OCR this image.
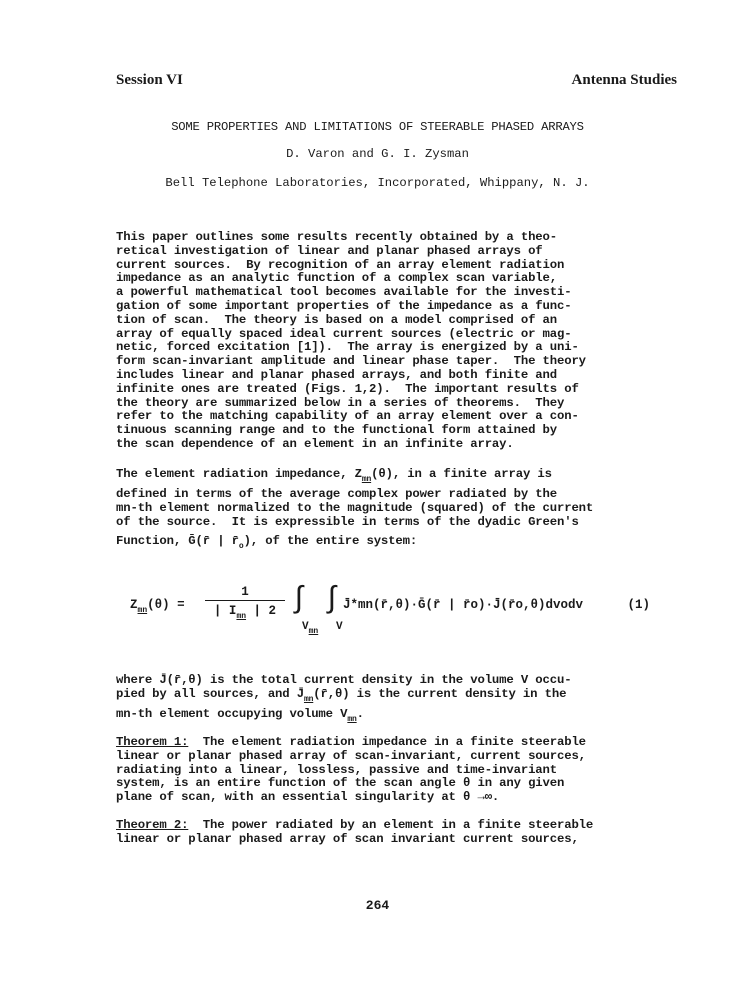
Session VI	Antenna Studies
SOME PROPERTIES AND LIMITATIONS OF STEERABLE PHASED ARRAYS
D. Varon and G. I. Zysman
Bell Telephone Laboratories, Incorporated, Whippany, N. J.
This paper outlines some results recently obtained by a theo-
retical investigation of linear and planar phased arrays of
current sources.  By recognition of an array element radiation
impedance as an analytic function of a complex scan variable,
a powerful mathematical tool becomes available for the investi-
gation of some important properties of the impedance as a func-
tion of scan.  The theory is based on a model comprised of an
array of equally spaced ideal current sources (electric or mag-
netic, forced excitation [1]).  The array is energized by a uni-
form scan-invariant amplitude and linear phase taper.  The theory
includes linear and planar phased arrays, and both finite and
infinite ones are treated (Figs. 1,2).  The important results of
the theory are summarized below in a series of theorems.  They
refer to the matching capability of an array element over a con-
tinuous scanning range and to the functional form attained by
the scan dependence of an element in an infinite array.
The element radiation impedance, $Z_{mn}(\theta)$, in a finite array is
defined in terms of the average complex power radiated by the
mn-th element normalized to the magnitude (squared) of the current
of the source.  It is expressible in terms of the dyadic Green's
Function, Ḡ(r̄ | $r̄_o$), of the entire system:
$Z_{mn}(\theta)$ =
1
| $I_{mn}$ | 2 ∫
$V_{mn}$
∫
V
J̄*mn(r̄,θ)·Ḡ(r̄ | r̄o)·J̄(r̄o,θ)dvodv	(1)
where J̄(r̄,θ) is the total current density in the volume V occu-
pied by all sources, and $J̄_{mn}(r̄,\theta)$ is the current density in the
mn-th element occupying volume $V_{mn}$.
Theorem 1:  The element radiation impedance in a finite steerable
linear or planar phased array of scan-invariant, current sources,
radiating into a linear, lossless, passive and time-invariant
system, is an entire function of the scan angle θ in any given
plane of scan, with an essential singularity at θ →∞.
Theorem 2:  The power radiated by an element in a finite steerable
linear or planar phased array of scan invariant current sources,
264
